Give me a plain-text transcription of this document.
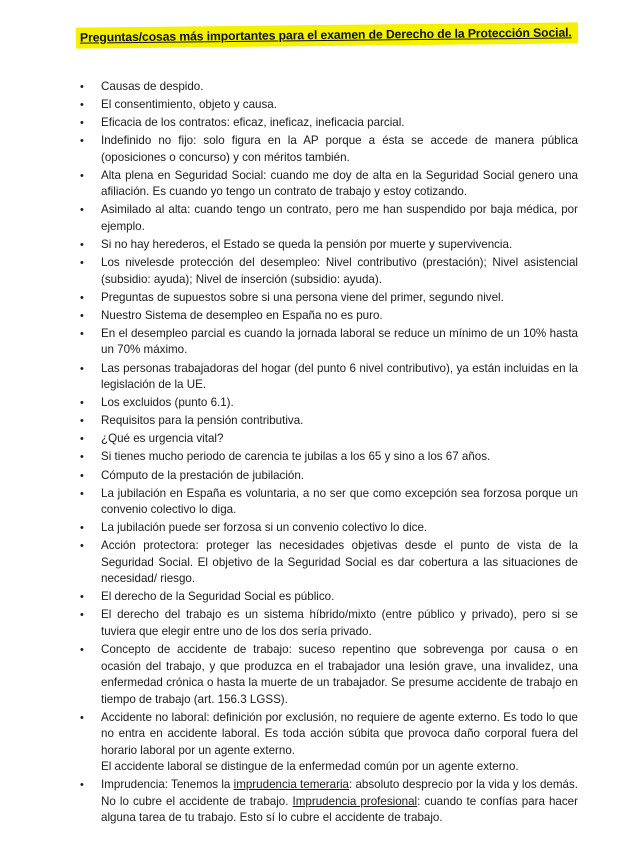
Preguntas/cosas más importantes para el examen de Derecho de la Protección Social.
• Causas de despido.
• El consentimiento, objeto y causa.
• Eficacia de los contratos: eficaz, ineficaz, ineficacia parcial.
• Indefinido no fijo: solo figura en la AP porque a ésta se accede de manera pública (oposiciones o concurso) y con méritos también.
• Alta plena en Seguridad Social: cuando me doy de alta en la Seguridad Social genero una afiliación. Es cuando yo tengo un contrato de trabajo y estoy cotizando.
• Asimilado al alta: cuando tengo un contrato, pero me han suspendido por baja médica, por ejemplo.
• Si no hay herederos, el Estado se queda la pensión por muerte y supervivencia.
• Los nivelesde protección del desempleo: Nivel contributivo (prestación); Nivel asistencial (subsidio: ayuda); Nivel de inserción (subsidio: ayuda).
• Preguntas de supuestos sobre si una persona viene del primer, segundo nivel.
• Nuestro Sistema de desempleo en España no es puro.
• En el desempleo parcial es cuando la jornada laboral se reduce un mínimo de un 10% hasta un 70% máximo.
• Las personas trabajadoras del hogar (del punto 6 nivel contributivo), ya están incluidas en la legislación de la UE.
• Los excluidos (punto 6.1).
• Requisitos para la pensión contributiva.
• ¿Qué es urgencia vital?
• Si tienes mucho periodo de carencia te jubilas a los 65 y sino a los 67 años.
• Cómputo de la prestación de jubilación.
• La jubilación en España es voluntaria, a no ser que como excepción sea forzosa porque un convenio colectivo lo diga.
• La jubilación puede ser forzosa si un convenio colectivo lo dice.
• Acción protectora: proteger las necesidades objetivas desde el punto de vista de la Seguridad Social. El objetivo de la Seguridad Social es dar cobertura a las situaciones de necesidad/ riesgo.
• El derecho de la Seguridad Social es público.
• El derecho del trabajo es un sistema híbrido/mixto (entre público y privado), pero si se tuviera que elegir entre uno de los dos sería privado.
• Concepto de accidente de trabajo: suceso repentino que sobrevenga por causa o en ocasión del trabajo, y que produzca en el trabajador una lesión grave, una invalidez, una enfermedad crónica o hasta la muerte de un trabajador. Se presume accidente de trabajo en tiempo de trabajo (art. 156.3 LGSS).
• Accidente no laboral: definición por exclusión, no requiere de agente externo. Es todo lo que no entra en accidente laboral. Es toda acción súbita que provoca daño corporal fuera del horario laboral por un agente externo.
El accidente laboral se distingue de la enfermedad común por un agente externo.
• Imprudencia: Tenemos la imprudencia temeraria: absoluto desprecio por la vida y los demás. No lo cubre el accidente de trabajo. Imprudencia profesional: cuando te confías para hacer alguna tarea de tu trabajo. Esto sí lo cubre el accidente de trabajo.
